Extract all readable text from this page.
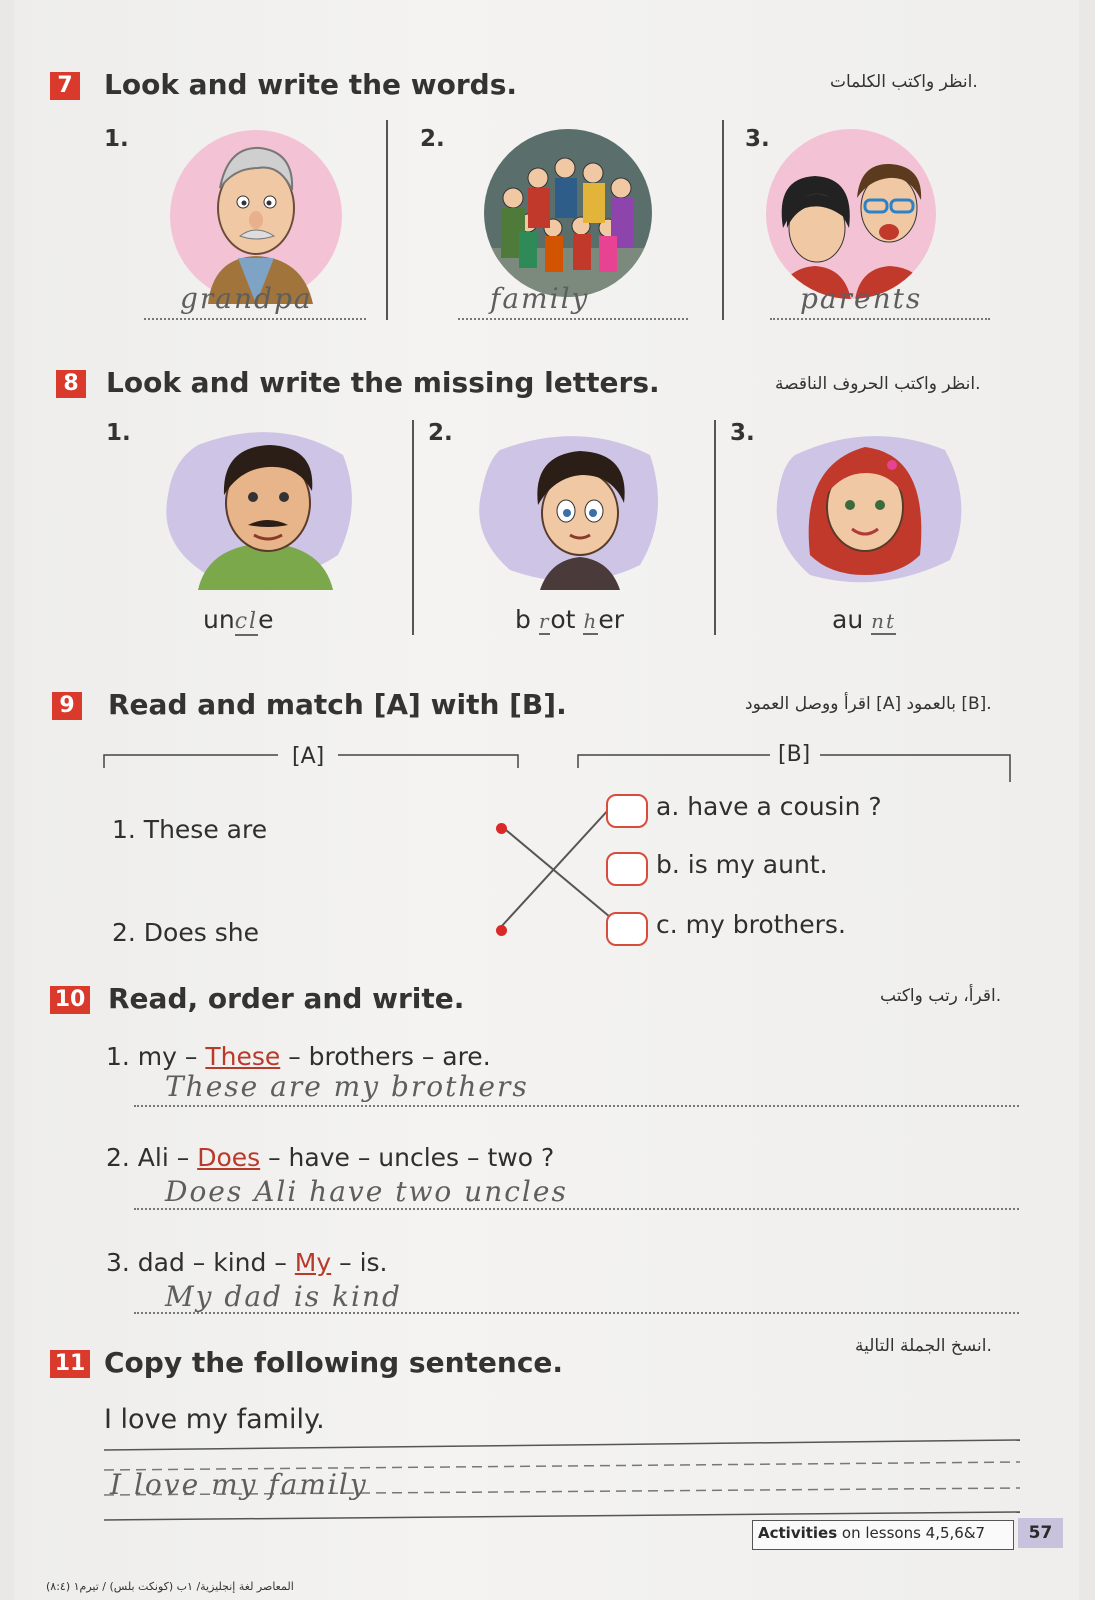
7 Look and write the words.	.انظر واكتب الكلمات
1.	2.	3.
grandpa	family	parents
8 Look and write the missing letters.	.انظر واكتب الحروف الناقصة
1.	2.	3.
uncle	b rot her	au nt
9 Read and match [A] with [B].	.[B] بالعمود [A] اقرأ ووصل العمود
[A]	[B]
1. These are
2. Does she
a. have a cousin ?
b. is my aunt.
c. my brothers.
10 Read, order and write.	.اقرأ، رتب واكتب
1. my – These – brothers – are.
These are my brothers
2. Ali – Does – have – uncles – two ?
Does Ali have two uncles
3. dad – kind – My – is.
My dad is kind
11 Copy the following sentence.	.انسخ الجملة التالية
I love my family.
I love my family
Activities on lessons 4,5,6&7	57
المعاصر لغة إنجليزية/ ١ب (كونكت بلس) / تيرم١ (٨:٤)
